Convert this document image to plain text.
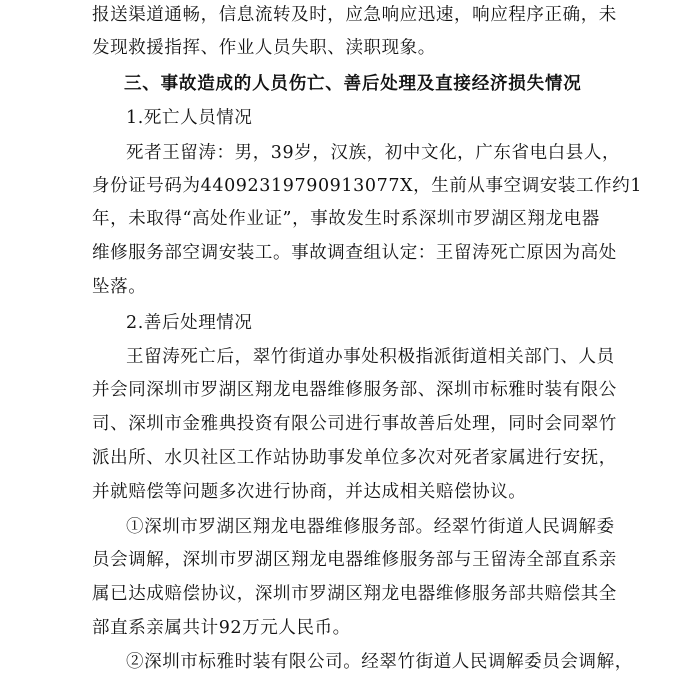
报送渠道通畅，信息流转及时，应急响应迅速，响应程序正确，未
发现救援指挥、作业人员失职、渎职现象。
三、事故造成的人员伤亡、善后处理及直接经济损失情况
1.死亡人员情况
死者王留涛：男，39岁，汉族，初中文化，广东省电白县人，
身份证号码为440923197909130​77X，生前从事空调安装工作约1
年，未取得“高处作业证”，事故发生时系深圳市罗湖区翔龙电器
维修服务部空调安装工。事故调查组认定：王留涛死亡原因为高处
坠落。
2.善后处理情况
王留涛死亡后，翠竹街道办事处积极指派街道相关部门、人员
并会同深圳市罗湖区翔龙电器维修服务部、深圳市标雅时装有限公
司、深圳市金雅典投资有限公司进行事故善后处理，同时会同翠竹
派出所、水贝社区工作站协助事发单位多次对死者家属进行安抚，
并就赔偿等问题多次进行协商，并达成相关赔偿协议。
①深圳市罗湖区翔龙电器维修服务部。经翠竹街道人民调解委
员会调解，深圳市罗湖区翔龙电器维修服务部与王留涛全部直系亲
属已达成赔偿协议，深圳市罗湖区翔龙电器维修服务部共赔偿其全
部直系亲属共计92万元人民币。
②深圳市标雅时装有限公司。经翠竹街道人民调解委员会调解，
